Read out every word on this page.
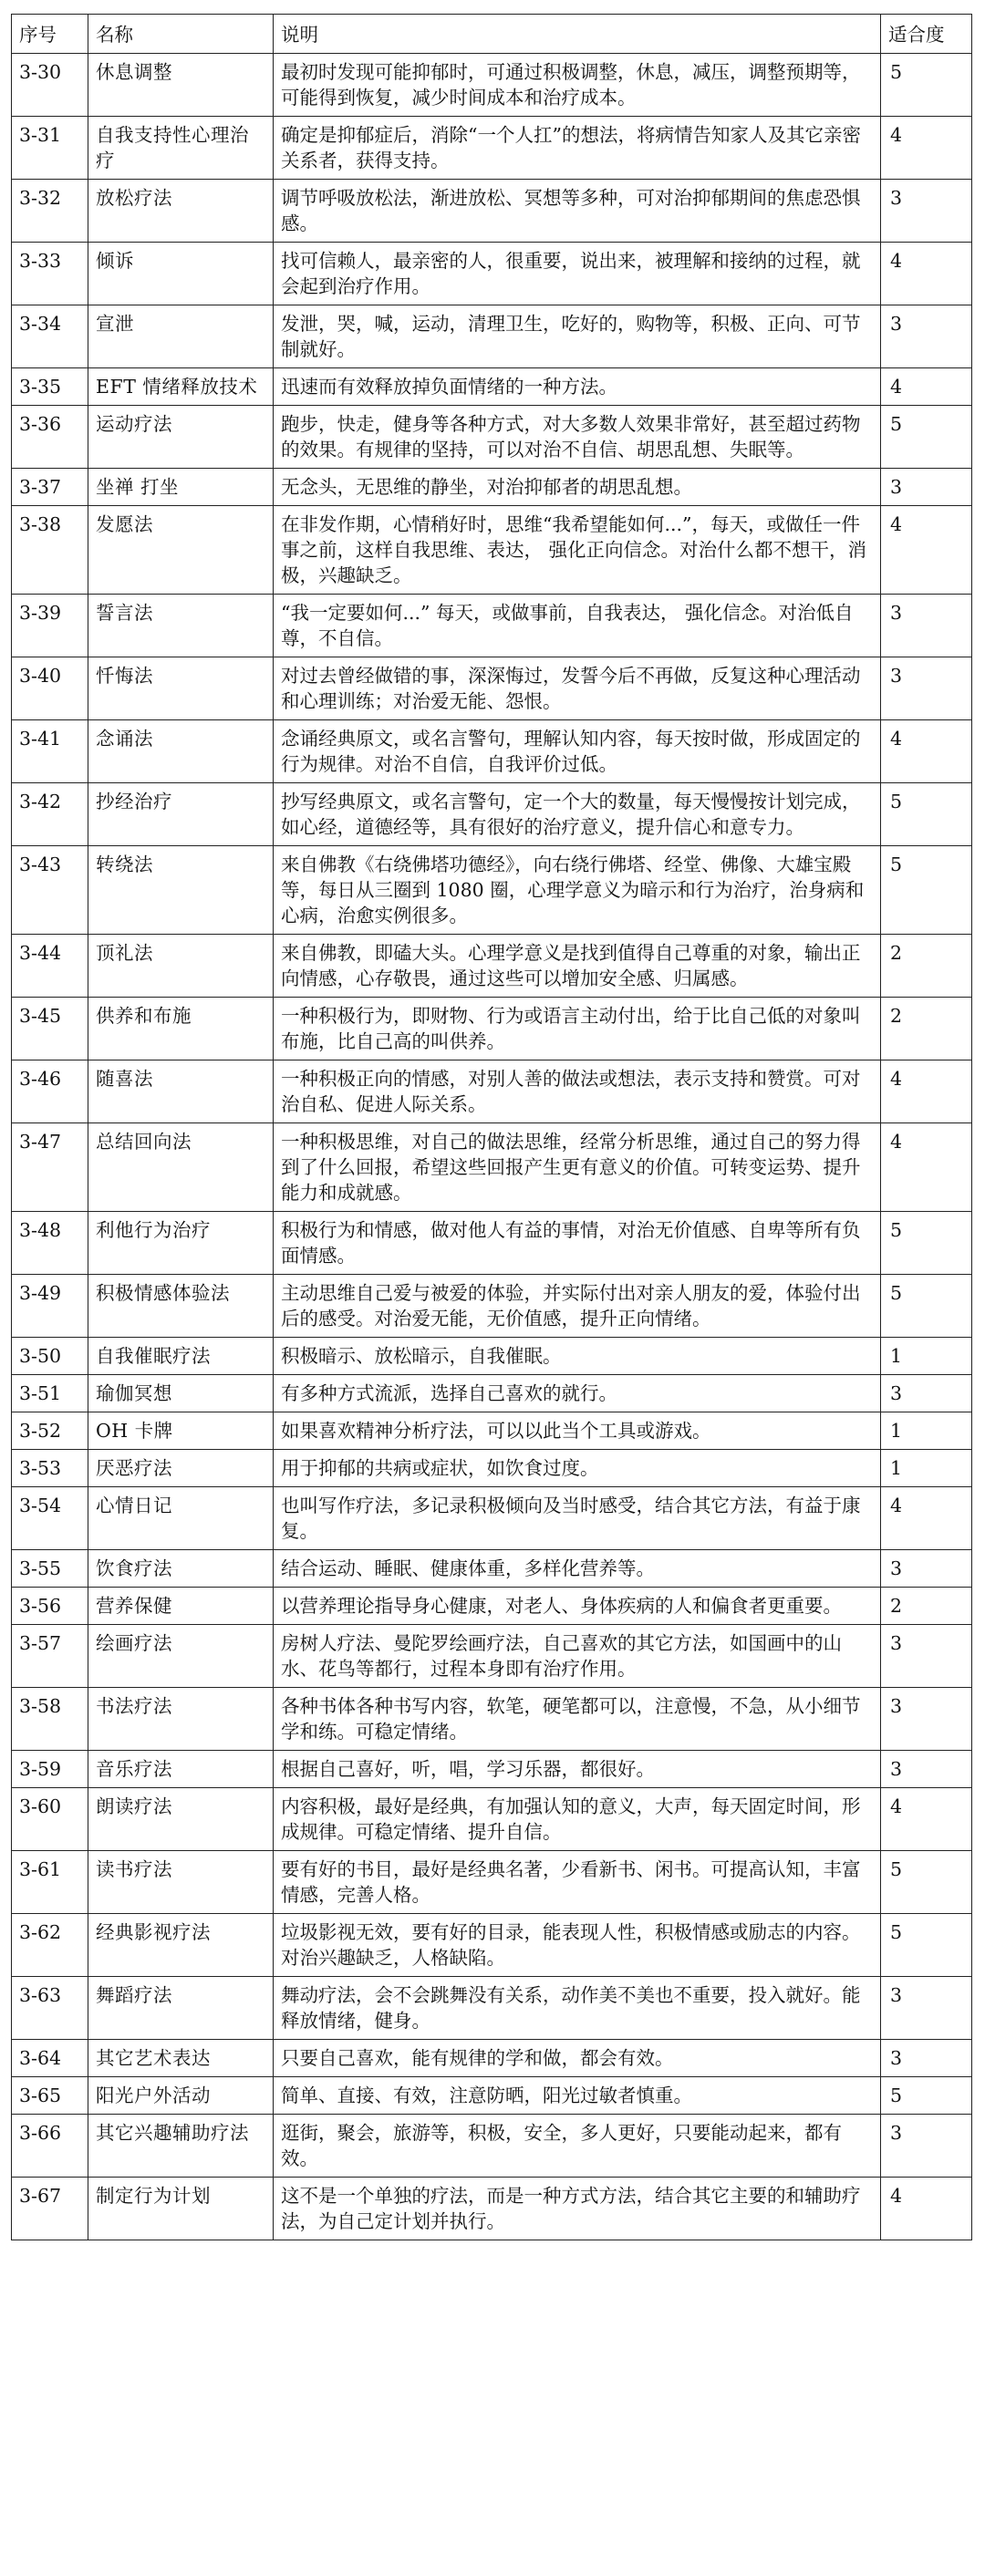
序号	名称	说明	适合度
3-30	休息调整	最初时发现可能抑郁时，可通过积极调整，休息，减压，调整预期等，可能得到恢复，减少时间成本和治疗成本。	5
3-31	自我支持性心理治疗	确定是抑郁症后，消除“一个人扛”的想法，将病情告知家人及其它亲密关系者，获得支持。	4
3-32	放松疗法	调节呼吸放松法，渐进放松、冥想等多种，可对治抑郁期间的焦虑恐惧感。	3
3-33	倾诉	找可信赖人，最亲密的人，很重要，说出来，被理解和接纳的过程，就会起到治疗作用。	4
3-34	宣泄	发泄，哭，喊，运动，清理卫生，吃好的，购物等，积极、正向、可节制就好。	3
3-35	EFT 情绪释放技术	迅速而有效释放掉负面情绪的一种方法。	4
3-36	运动疗法	跑步，快走，健身等各种方式，对大多数人效果非常好，甚至超过药物的效果。有规律的坚持，可以对治不自信、胡思乱想、失眠等。	5
3-37	坐禅 打坐	无念头，无思维的静坐，对治抑郁者的胡思乱想。	3
3-38	发愿法	在非发作期，心情稍好时，思维“我希望能如何...”，每天，或做任一件事之前，这样自我思维、表达， 强化正向信念。对治什么都不想干，消极，兴趣缺乏。	4
3-39	誓言法	“我一定要如何...” 每天，或做事前，自我表达， 强化信念。对治低自尊，不自信。	3
3-40	忏悔法	对过去曾经做错的事，深深悔过，发誓今后不再做，反复这种心理活动和心理训练；对治爱无能、怨恨。	3
3-41	念诵法	念诵经典原文，或名言警句，理解认知内容，每天按时做，形成固定的行为规律。对治不自信，自我评价过低。	4
3-42	抄经治疗	抄写经典原文，或名言警句，定一个大的数量，每天慢慢按计划完成，如心经，道德经等，具有很好的治疗意义，提升信心和意专力。	5
3-43	转绕法	来自佛教《右绕佛塔功德经》，向右绕行佛塔、经堂、佛像、大雄宝殿等，每日从三圈到 1080 圈，心理学意义为暗示和行为治疗，治身病和心病，治愈实例很多。	5
3-44	顶礼法	来自佛教，即磕大头。心理学意义是找到值得自己尊重的对象，输出正向情感，心存敬畏，通过这些可以增加安全感、归属感。	2
3-45	供养和布施	一种积极行为，即财物、行为或语言主动付出，给于比自己低的对象叫布施，比自己高的叫供养。	2
3-46	随喜法	一种积极正向的情感，对别人善的做法或想法，表示支持和赞赏。可对治自私、促进人际关系。	4
3-47	总结回向法	一种积极思维，对自己的做法思维，经常分析思维，通过自己的努力得到了什么回报，希望这些回报产生更有意义的价值。可转变运势、提升能力和成就感。	4
3-48	利他行为治疗	积极行为和情感，做对他人有益的事情，对治无价值感、自卑等所有负面情感。	5
3-49	积极情感体验法	主动思维自己爱与被爱的体验，并实际付出对亲人朋友的爱，体验付出后的感受。对治爱无能，无价值感，提升正向情绪。	5
3-50	自我催眠疗法	积极暗示、放松暗示，自我催眠。	1
3-51	瑜伽冥想	有多种方式流派，选择自己喜欢的就行。	3
3-52	OH 卡牌	如果喜欢精神分析疗法，可以以此当个工具或游戏。	1
3-53	厌恶疗法	用于抑郁的共病或症状，如饮食过度。	1
3-54	心情日记	也叫写作疗法，多记录积极倾向及当时感受，结合其它方法，有益于康复。	4
3-55	饮食疗法	结合运动、睡眠、健康体重，多样化营养等。	3
3-56	营养保健	以营养理论指导身心健康，对老人、身体疾病的人和偏食者更重要。	2
3-57	绘画疗法	房树人疗法、曼陀罗绘画疗法，自己喜欢的其它方法，如国画中的山水、花鸟等都行，过程本身即有治疗作用。	3
3-58	书法疗法	各种书体各种书写内容，软笔，硬笔都可以，注意慢，不急，从小细节学和练。可稳定情绪。	3
3-59	音乐疗法	根据自己喜好，听，唱，学习乐器，都很好。	3
3-60	朗读疗法	内容积极，最好是经典，有加强认知的意义，大声，每天固定时间，形成规律。可稳定情绪、提升自信。	4
3-61	读书疗法	要有好的书目，最好是经典名著，少看新书、闲书。可提高认知，丰富情感，完善人格。	5
3-62	经典影视疗法	垃圾影视无效，要有好的目录，能表现人性，积极情感或励志的内容。对治兴趣缺乏，人格缺陷。	5
3-63	舞蹈疗法	舞动疗法，会不会跳舞没有关系，动作美不美也不重要，投入就好。能释放情绪，健身。	3
3-64	其它艺术表达	只要自己喜欢，能有规律的学和做，都会有效。	3
3-65	阳光户外活动	简单、直接、有效，注意防晒，阳光过敏者慎重。	5
3-66	其它兴趣辅助疗法	逛街，聚会，旅游等，积极，安全，多人更好，只要能动起来，都有效。	3
3-67	制定行为计划	这不是一个单独的疗法，而是一种方式方法，结合其它主要的和辅助疗法，为自己定计划并执行。	4
